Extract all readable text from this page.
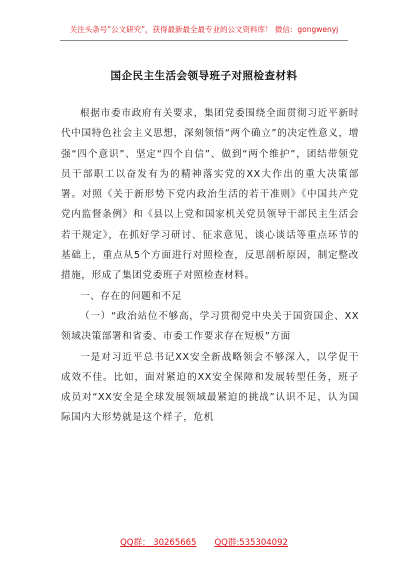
关注头条号“公文研究”，获得最新最全最专业的公文资料库！ 微信：gongwenyj
国企民主生活会领导班子对照检查材料

根据市委市政府有关要求，集团党委围绕全面贯彻习近平新时代中国特色社会主义思想，深刻领悟“两个确立”的决定性意义，增强“四个意识”、坚定“四个自信”、做到“两个维护”，团结带领党员干部职工以奋发有为的精神落实党的XX大作出的重大决策部署。对照《关于新形势下党内政治生活的若干准则》《中国共产党党内监督条例》和《县以上党和国家机关党员领导干部民主生活会若干规定》，在抓好学习研讨、征求意见、谈心谈话等重点环节的基础上，重点从5个方面进行对照检查，反思剖析原因，制定整改措施，形成了集团党委班子对照检查材料。

一、存在的问题和不足

（一）“政治站位不够高，学习贯彻党中央关于国资国企、XX领域决策部署和省委、市委工作要求存在短板”方面

一是对习近平总书记XX安全新战略领会不够深入，以学促干成效不佳。比如，面对紧迫的XX安全保障和发展转型任务，班子成员对“XX安全是全球发展领域最紧迫的挑战”认识不足，认为国际国内大形势就是这个样子，危机

QQ群： 30265665 QQ群:535304092
